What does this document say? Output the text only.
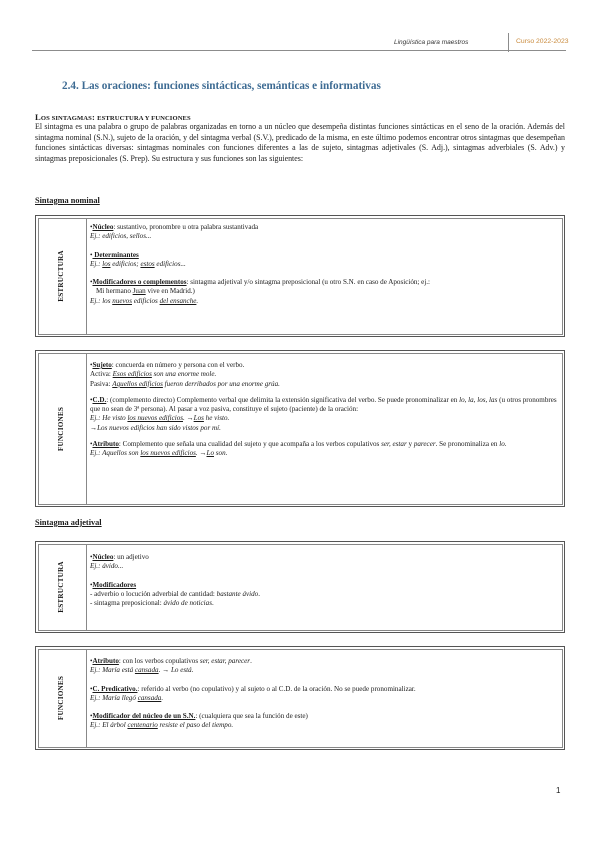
Lingüística para maestros	Curso 2022-2023
2.4. Las oraciones: funciones sintácticas, semánticas e informativas
LOS SINTAGMAS: ESTRUCTURA Y FUNCIONES
El sintagma es una palabra o grupo de palabras organizadas en torno a un núcleo que desempeña distintas funciones sintácticas en el seno de la oración. Además del sintagma nominal (S.N.), sujeto de la oración, y del sintagma verbal (S.V.), predicado de la misma, en este último podemos encontrar otros sintagmas que desempeñan funciones sintácticas diversas: sintagmas nominales con funciones diferentes a las de sujeto, sintagmas adjetivales (S. Adj.), sintagmas adverbiales (S. Adv.) y sintagmas preposicionales (S. Prep). Su estructura y sus funciones son las siguientes:
Sintagma nominal
ESTRUCTURA

•Núcleo: sustantivo, pronombre u otra palabra sustantivada

Ej.: edificios, sellos...

• Determinantes

Ej.: los edificios; estos edificios...

•Modificadores o complementos: sintagma adjetival y/o sintagma preposicional (u otro S.N. en caso de Aposición; ej.:

Mi hermano Juan vive en Madrid.)

Ej.: los nuevos edificios del ensanche.

FUNCIONES

•Sujeto: concuerda en número y persona con el verbo.

Activa: Esos edificios son una enorme mole.

Pasiva: Aquellos edificios fueron derribados por una enorme grúa.

•C.D.: (complemento directo) Complemento verbal que delimita la extensión significativa del verbo. Se puede pronominalizar en lo, la, los, las (u otros pronombres que no sean de 3ª persona). Al pasar a voz pasiva, constituye el sujeto (paciente) de la oración:

Ej.: He visto los nuevos edificios. →Los he visto.

→Los nuevos edificios han sido vistos por mí.

•Atributo: Complemento que señala una cualidad del sujeto y que acompaña a los verbos copulativos ser, estar y parecer. Se pronominaliza en lo.

Ej.: Aquellos son los nuevos edificios. →Lo son.

Sintagma adjetival
ESTRUCTURA

•Núcleo: un adjetivo

Ej.: ávido...

•Modificadores

- adverbio o locución adverbial de cantidad: bastante ávido.

- sintagma preposicional: ávido de noticias.

FUNCIONES

•Atributo: con los verbos copulativos ser, estar, parecer.

Ej.: María está cansada. → Lo está.

•C. Predicativo.: referido al verbo (no copulativo) y al sujeto o al C.D. de la oración. No se puede pronominalizar.

Ej.: María llegó cansada.

•Modificador del núcleo de un S.N.: (cualquiera que sea la función de este)

Ej.: El árbol centenario resiste el paso del tiempo.

1
